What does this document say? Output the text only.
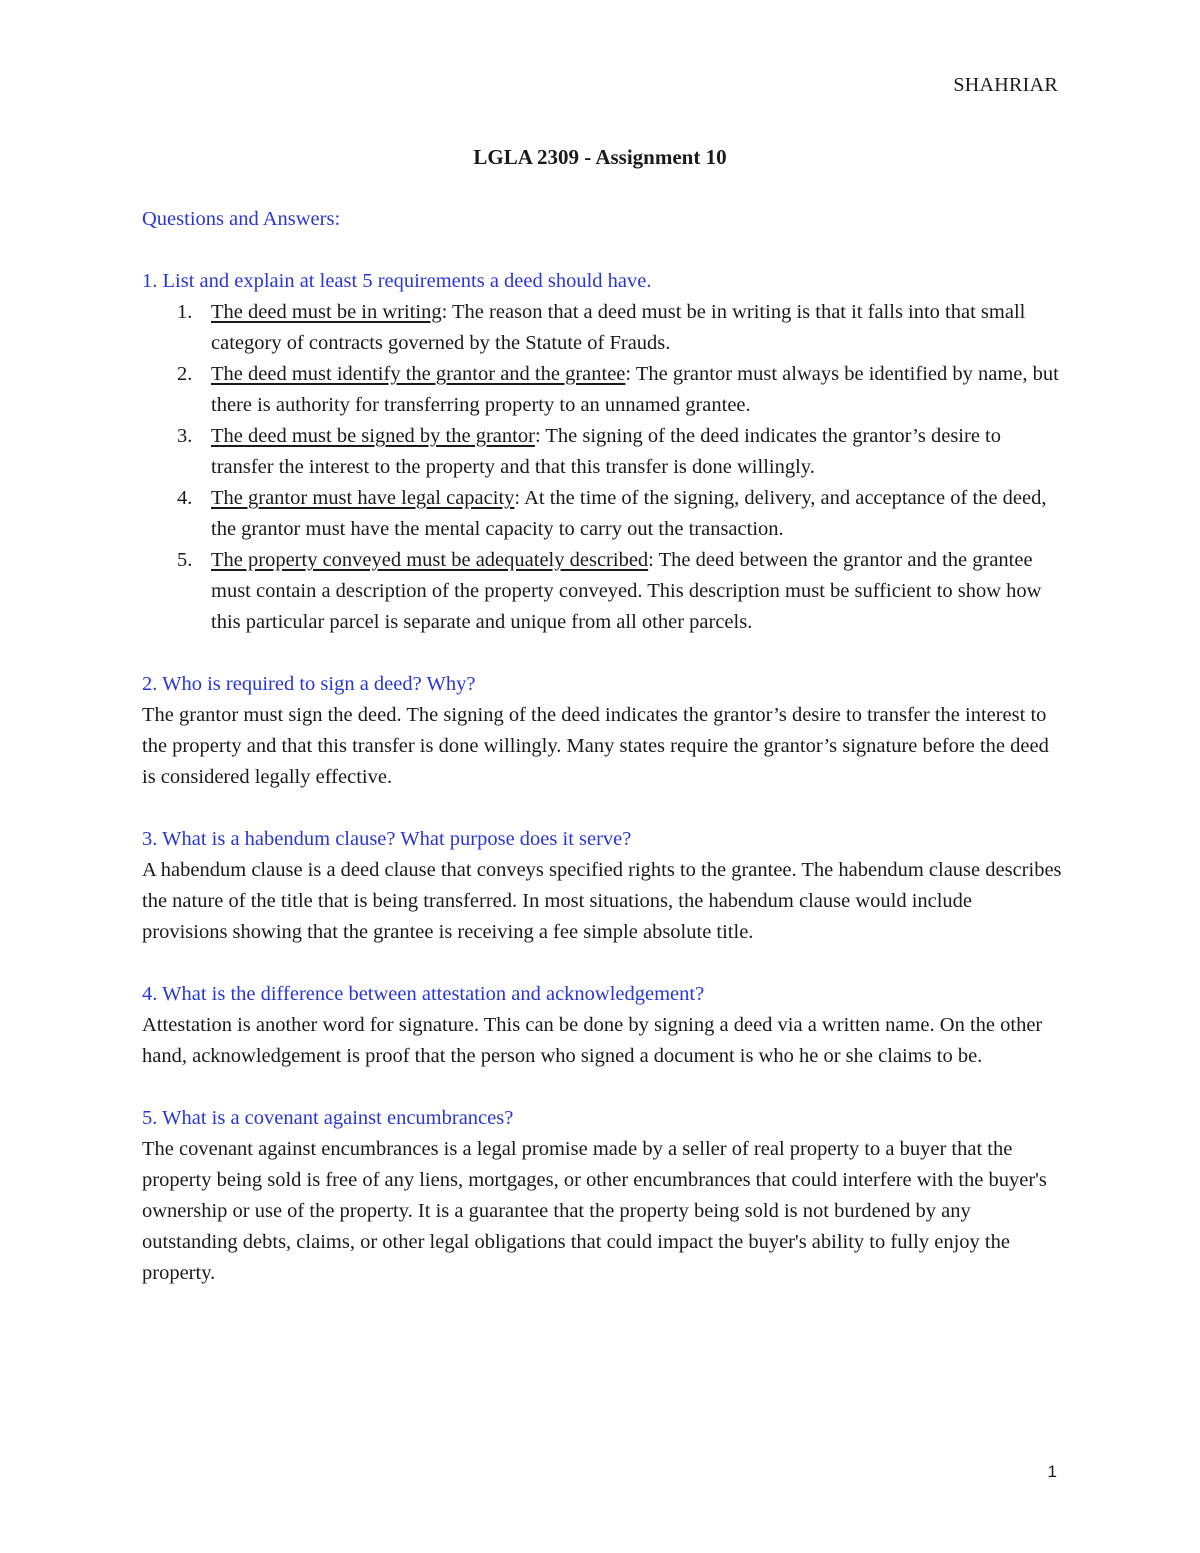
SHAHRIAR
LGLA 2309 - Assignment 10

Questions and Answers:

1. List and explain at least 5 requirements a deed should have.

1. The deed must be in writing: The reason that a deed must be in writing is that it falls into that small category of contracts governed by the Statute of Frauds.
2. The deed must identify the grantor and the grantee: The grantor must always be identified by name, but there is authority for transferring property to an unnamed grantee.
3. The deed must be signed by the grantor: The signing of the deed indicates the grantor’s desire to transfer the interest to the property and that this transfer is done willingly.
4. The grantor must have legal capacity: At the time of the signing, delivery, and acceptance of the deed, the grantor must have the mental capacity to carry out the transaction.
5. The property conveyed must be adequately described: The deed between the grantor and the grantee must contain a description of the property conveyed. This description must be sufficient to show how this particular parcel is separate and unique from all other parcels.

2. Who is required to sign a deed? Why?

The grantor must sign the deed. The signing of the deed indicates the grantor’s desire to transfer the interest to the property and that this transfer is done willingly. Many states require the grantor’s signature before the deed is considered legally effective.

3. What is a habendum clause? What purpose does it serve?

A habendum clause is a deed clause that conveys specified rights to the grantee. The habendum clause describes the nature of the title that is being transferred. In most situations, the habendum clause would include provisions showing that the grantee is receiving a fee simple absolute title.

4. What is the difference between attestation and acknowledgement?

Attestation is another word for signature. This can be done by signing a deed via a written name. On the other hand, acknowledgement is proof that the person who signed a document is who he or she claims to be.

5. What is a covenant against encumbrances?

The covenant against encumbrances is a legal promise made by a seller of real property to a buyer that the property being sold is free of any liens, mortgages, or other encumbrances that could interfere with the buyer's ownership or use of the property. It is a guarantee that the property being sold is not burdened by any outstanding debts, claims, or other legal obligations that could impact the buyer's ability to fully enjoy the property.

1
